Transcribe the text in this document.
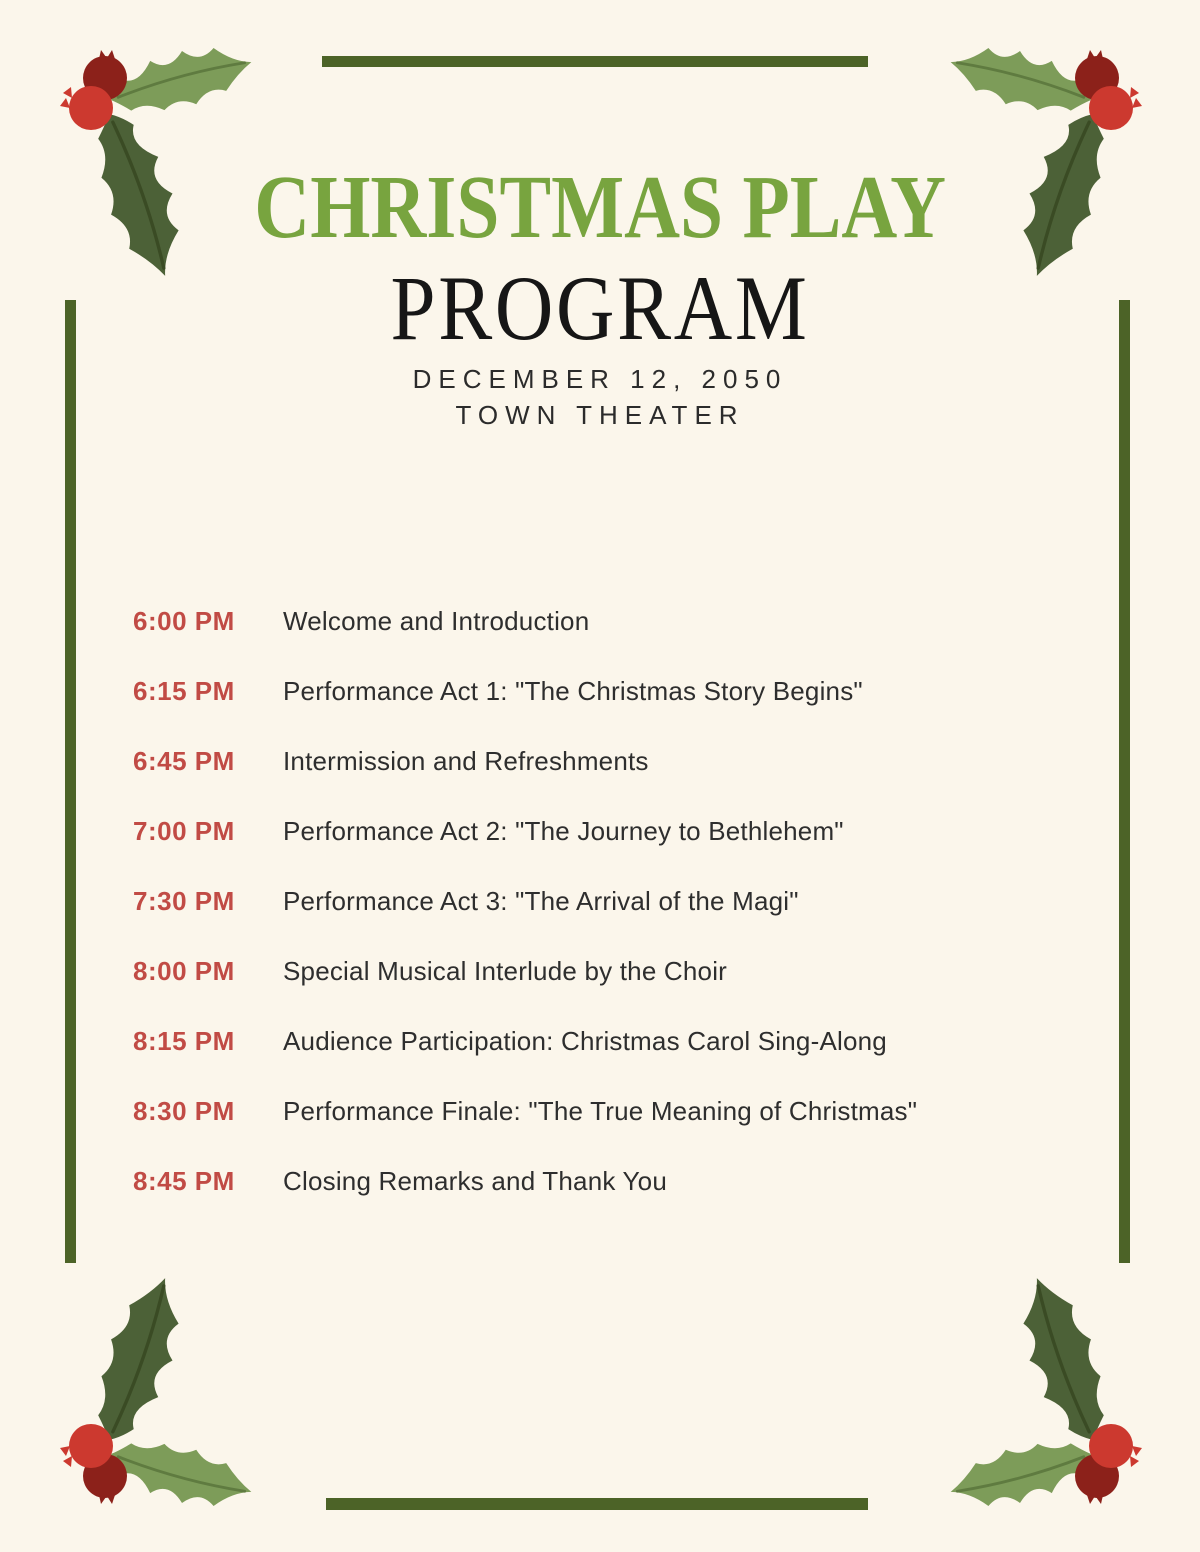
CHRISTMAS PLAY
PROGRAM
DECEMBER 12, 2050
TOWN THEATER
6:00 PM	Welcome and Introduction
6:15 PM	Performance Act 1: "The Christmas Story Begins"
6:45 PM	Intermission and Refreshments
7:00 PM	Performance Act 2: "The Journey to Bethlehem"
7:30 PM	Performance Act 3: "The Arrival of the Magi"
8:00 PM	Special Musical Interlude by the Choir
8:15 PM	Audience Participation: Christmas Carol Sing-Along
8:30 PM	Performance Finale: "The True Meaning of Christmas"
8:45 PM	Closing Remarks and Thank You
